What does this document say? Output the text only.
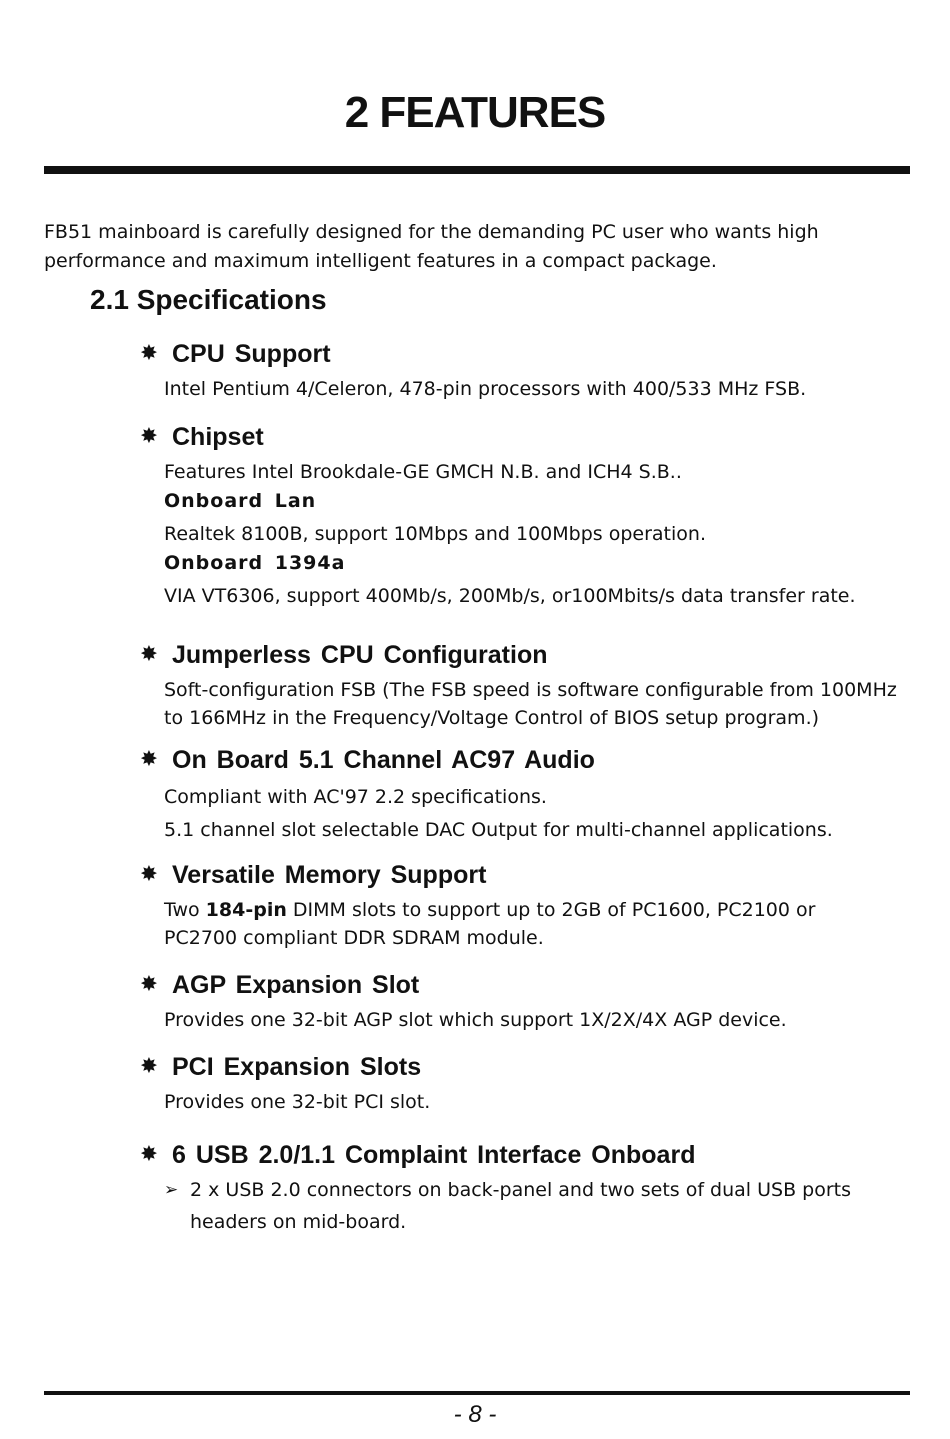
2 FEATURES

FB51 mainboard is carefully designed for the demanding PC user who wants high performance and maximum intelligent features in a compact package.

2.1 Specifications
✸ CPU Support

Intel Pentium 4/Celeron, 478-pin processors with 400/533 MHz FSB.

✸ Chipset

Features Intel Brookdale-GE GMCH N.B. and ICH4 S.B..

Onboard Lan

Realtek 8100B, support 10Mbps and 100Mbps operation.

Onboard 1394a

VIA VT6306, support 400Mb/s, 200Mb/s, or100Mbits/s data transfer rate.

✸ Jumperless CPU Configuration

Soft-configuration FSB (The FSB speed is software configurable from 100MHz to 166MHz in the Frequency/Voltage Control of BIOS setup program.)

✸ On Board 5.1 Channel AC97 Audio

Compliant with AC'97 2.2 specifications.

5.1 channel slot selectable DAC Output for multi-channel applications.

✸ Versatile Memory Support

Two 184-pin DIMM slots to support up to 2GB of PC1600, PC2100 or PC2700 compliant DDR SDRAM module.

✸ AGP Expansion Slot

Provides one 32-bit AGP slot which support 1X/2X/4X AGP device.

✸ PCI Expansion Slots

Provides one 32-bit PCI slot.

✸ 6 USB 2.0/1.1 Complaint Interface Onboard
➢ 2 x USB 2.0 connectors on back-panel and two sets of dual USB ports headers on mid-board.
- 8 -
